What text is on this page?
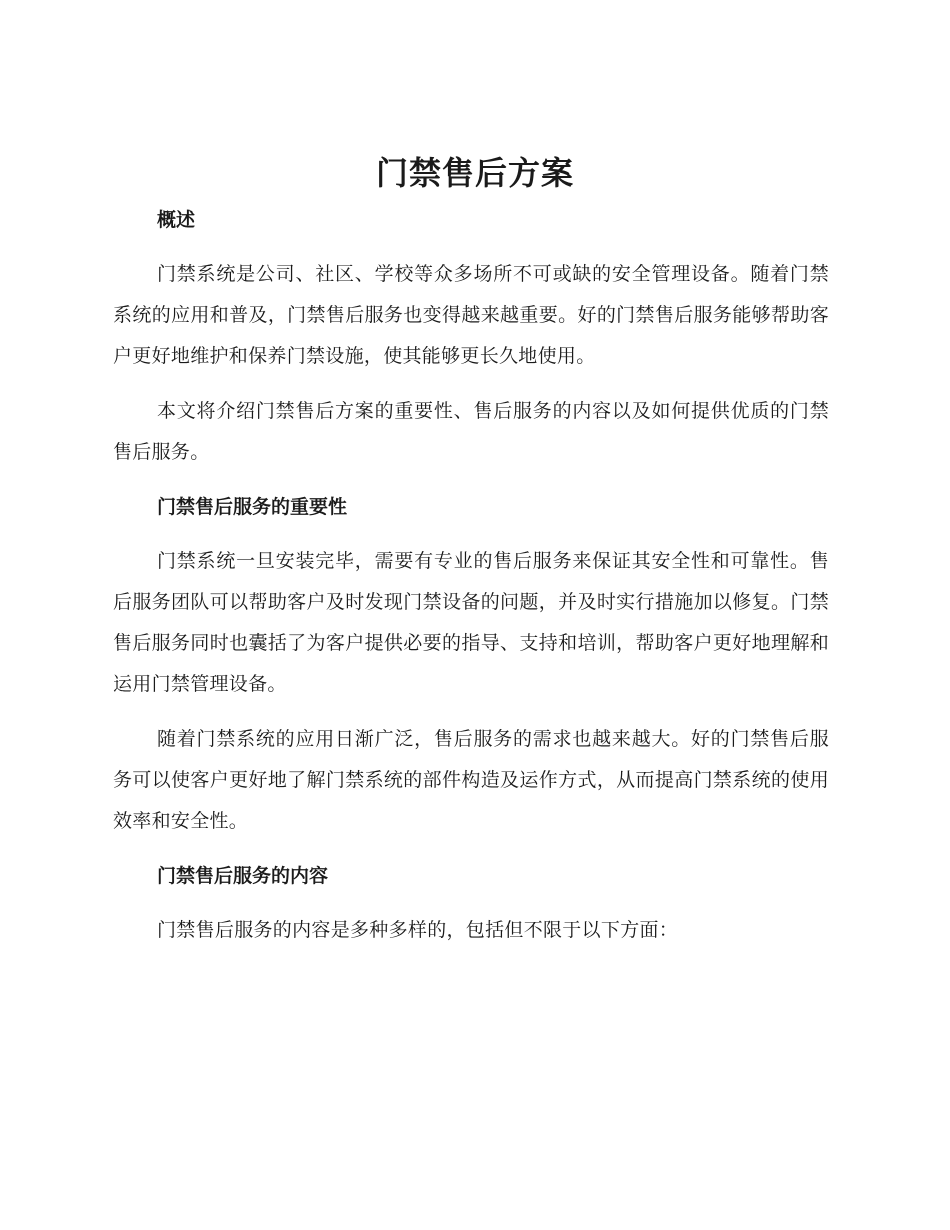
门禁售后方案
概述

门禁系统是公司、社区、学校等众多场所不可或缺的安全管理设备。随着门禁系统的应用和普及，门禁售后服务也变得越来越重要。好的门禁售后服务能够帮助客户更好地维护和保养门禁设施，使其能够更长久地使用。

本文将介绍门禁售后方案的重要性、售后服务的内容以及如何提供优质的门禁售后服务。

门禁售后服务的重要性

门禁系统一旦安装完毕，需要有专业的售后服务来保证其安全性和可靠性。售后服务团队可以帮助客户及时发现门禁设备的问题，并及时实行措施加以修复。门禁售后服务同时也囊括了为客户提供必要的指导、支持和培训，帮助客户更好地理解和运用门禁管理设备。

随着门禁系统的应用日渐广泛，售后服务的需求也越来越大。好的门禁售后服务可以使客户更好地了解门禁系统的部件构造及运作方式，从而提高门禁系统的使用效率和安全性。

门禁售后服务的内容

门禁售后服务的内容是多种多样的，包括但不限于以下方面：
